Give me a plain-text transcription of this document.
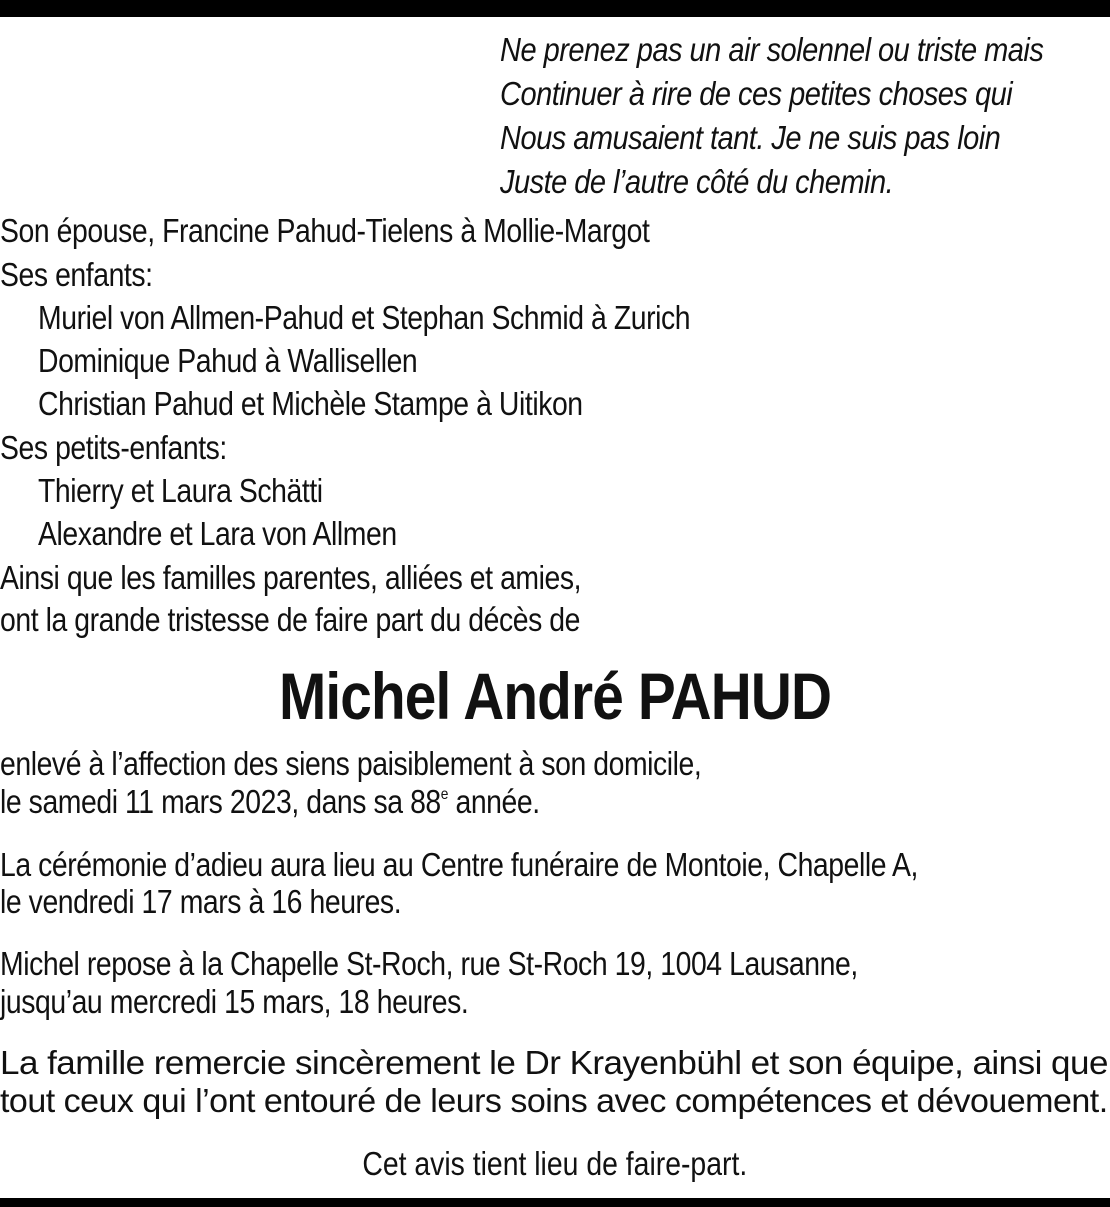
Ne prenez pas un air solennel ou triste mais
Continuer à rire de ces petites choses qui
Nous amusaient tant. Je ne suis pas loin
Juste de l’autre côté du chemin.
Son épouse, Francine Pahud-Tielens à Mollie-Margot
Ses enfants:
Muriel von Allmen-Pahud et Stephan Schmid à Zurich
Dominique Pahud à Wallisellen
Christian Pahud et Michèle Stampe à Uitikon
Ses petits-enfants:
Thierry et Laura Schätti
Alexandre et Lara von Allmen
Ainsi que les familles parentes, alliées et amies,
ont la grande tristesse de faire part du décès de
Michel André PAHUD
enlevé à l’affection des siens paisiblement à son domicile,
le samedi 11 mars 2023, dans sa 88e année.
La cérémonie d’adieu aura lieu au Centre funéraire de Montoie, Chapelle A,
le vendredi 17 mars à 16 heures.
Michel repose à la Chapelle St-Roch, rue St-Roch 19, 1004 Lausanne,
jusqu’au mercredi 15 mars, 18 heures.
La famille remercie sincèrement le Dr Krayenbühl et son équipe, ainsi que
tout ceux qui l’ont entouré de leurs soins avec compétences et dévouement.
Cet avis tient lieu de faire-part.
